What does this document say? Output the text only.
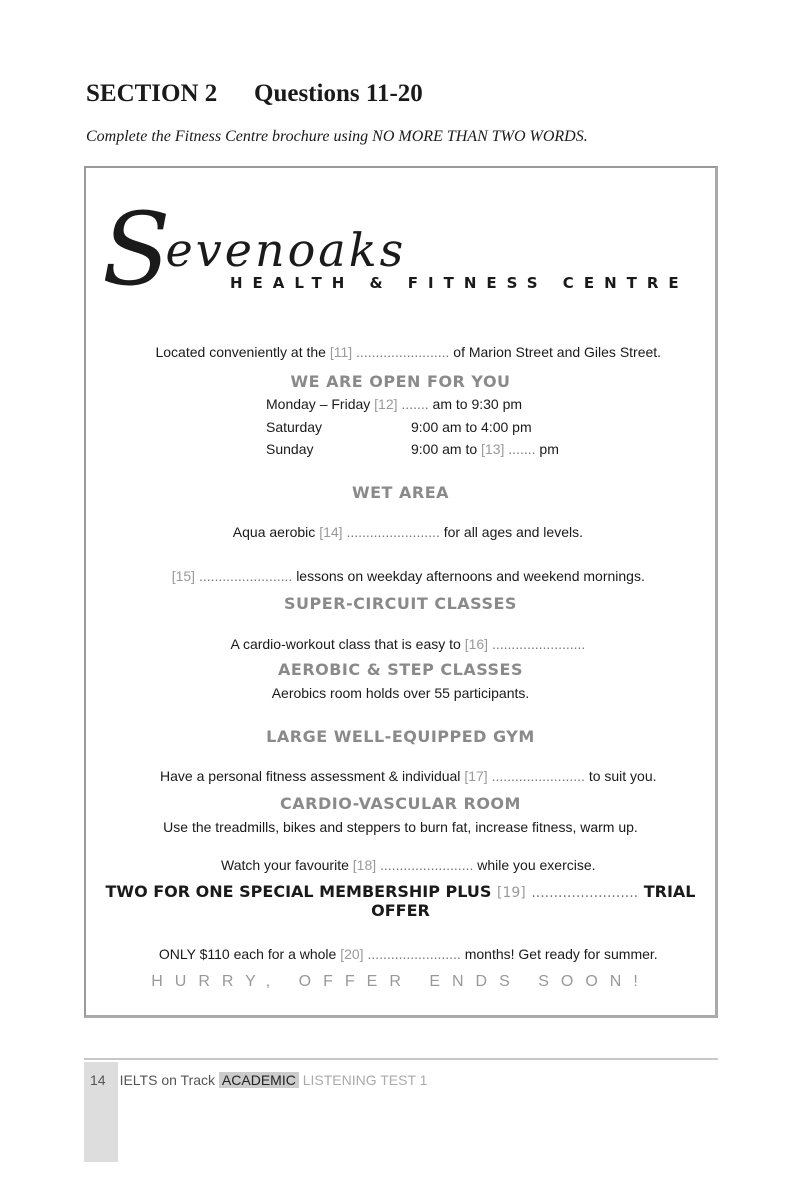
SECTION 2 Questions 11-20
Complete the Fitness Centre brochure using NO MORE THAN TWO WORDS.
Sevenoaks
HEALTH & FITNESS CENTRE

Located conveniently at the [11] ........................ of Marion Street and Giles Street.

WE ARE OPEN FOR YOU
Monday – Friday [12] ....... am to 9:30 pm
Saturday	9:00 am to 4:00 pm
Sunday	9:00 am to [13] ....... pm
WET AREA

Aqua aerobic [14] ........................ for all ages and levels.

[15] ........................ lessons on weekday afternoons and weekend mornings.

SUPER-CIRCUIT CLASSES

A cardio-workout class that is easy to [16] ........................

AEROBIC & STEP CLASSES
Aerobics room holds over 55 participants.
LARGE WELL-EQUIPPED GYM

Have a personal fitness assessment & individual [17] ........................ to suit you.

CARDIO-VASCULAR ROOM
Use the treadmills, bikes and steppers to burn fat, increase fitness, warm up.

Watch your favourite [18] ........................ while you exercise.

TWO FOR ONE SPECIAL MEMBERSHIP PLUS [19] ........................ TRIAL OFFER

ONLY $110 each for a whole [20] ........................ months! Get ready for summer.

HURRY, OFFER ENDS SOON!
14 IELTS on Track ACADEMIC LISTENING TEST 1
